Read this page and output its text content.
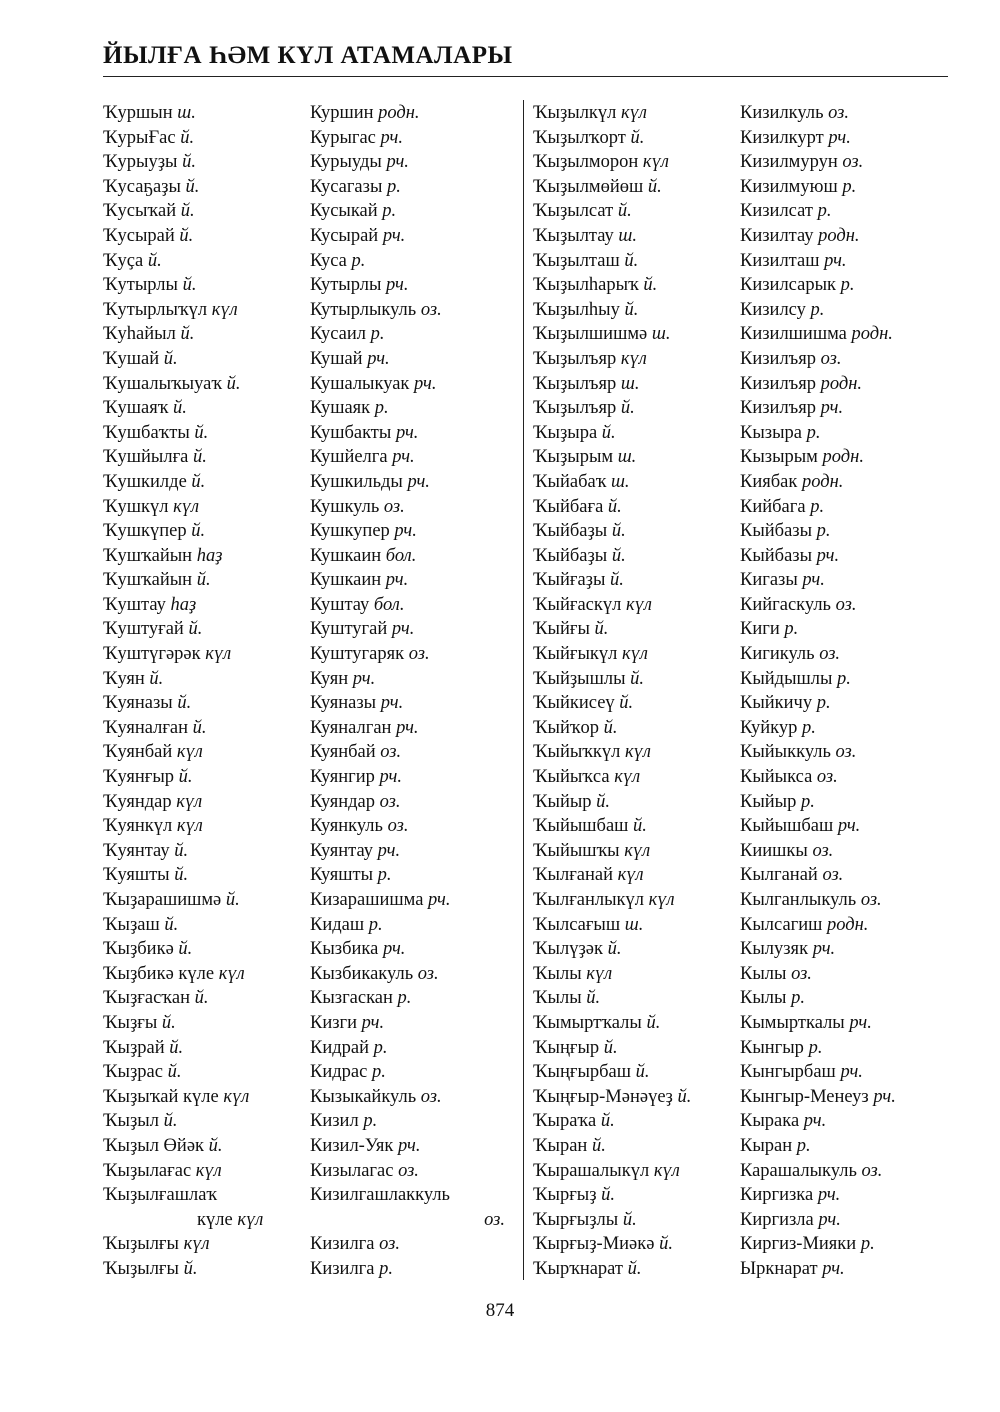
ЙЫЛҒА ҺӘМ КҮЛ АТАМАЛАРЫ
Ҡуршын ш.
ҠурыҒас й.
Ҡурыуҙы й.
Ҡусаҕаҙы й.
Ҡусыҡай й.
Ҡусырай й.
Ҡуҫа й.
Ҡутырлы й.
Ҡутырлыҡүл күл
Ҡуһайыл й.
Ҡушай й.
Ҡушалыҡыуаҡ й.
Ҡушаяҡ й.
Ҡушбаҡты й.
Ҡушйылға й.
Ҡушкилде й.
Ҡушкүл күл
Ҡушкүпер й.
Ҡушҡайын һаҙ
Ҡушҡайын й.
Ҡуштау һаҙ
Ҡуштуғай й.
Ҡуштүгәрәк күл
Ҡуян й.
Ҡуяназы й.
Ҡуяналған й.
Ҡуянбай күл
Ҡуянғыр й.
Ҡуяндар күл
Ҡуянкүл күл
Ҡуянтау й.
Ҡуяшты й.
Ҡыҙарашишмә й.
Ҡыҙаш й.
Ҡыҙбикә й.
Ҡыҙбикә күле күл
Ҡыҙғасҡан й.
Ҡыҙғы й.
Ҡыҙрай й.
Ҡыҙрас й.
Ҡыҙыҡай күле күл
Ҡыҙыл й.
Ҡыҙыл Өйәк й.
Ҡыҙылағас күл
Ҡыҙылғашлаҡ
күле күл
Ҡыҙылғы күл
Ҡыҙылғы й.
Куршин родн.
Курыгас рч.
Курыуды рч.
Кусагазы р.
Кусыкай р.
Кусырай рч.
Куса р.
Кутырлы рч.
Кутырлыкуль оз.
Кусаил р.
Кушай рч.
Кушалыкуак рч.
Кушаяк р.
Кушбакты рч.
Кушйелга рч.
Кушкильды рч.
Кушкуль оз.
Кушкупер рч.
Кушкаин бол.
Кушкаин рч.
Куштау бол.
Куштугай рч.
Куштугаряк оз.
Куян рч.
Куяназы рч.
Куяналган рч.
Куянбай оз.
Куянгир рч.
Куяндар оз.
Куянкуль оз.
Куянтау рч.
Куяшты р.
Кизарашишма рч.
Кидаш р.
Кызбика рч.
Кызбикакуль оз.
Кызгаскан р.
Кизги рч.
Кидрай р.
Кидрас р.
Кызыкайкуль оз.
Кизил р.
Кизил-Уяк рч.
Кизылагас оз.
Кизилгашлаккуль
оз.
Кизилга оз.
Кизилга р.
Ҡыҙылкүл күл
Ҡыҙылҡорт й.
Ҡыҙылморон күл
Ҡыҙылмөйөш й.
Ҡыҙылсат й.
Ҡыҙылтау ш.
Ҡыҙылташ й.
Ҡыҙылһарыҡ й.
Ҡыҙылһыу й.
Ҡыҙылшишмә ш.
Ҡыҙылъяр күл
Ҡыҙылъяр ш.
Ҡыҙылъяр й.
Ҡыҙыра й.
Ҡыҙырым ш.
Ҡыйабаҡ ш.
Ҡыйбаға й.
Ҡыйбаҙы й.
Ҡыйбаҙы й.
Ҡыйғаҙы й.
Ҡыйғаскүл күл
Ҡыйғы й.
Ҡыйғыкүл күл
Ҡыйҙышлы й.
Ҡыйкисеү й.
Ҡыйҡор й.
Ҡыйыҡкүл күл
Ҡыйыҡса күл
Ҡыйыр й.
Ҡыйышбаш й.
Ҡыйышҡы күл
Ҡылғанай күл
Ҡылғанлыкүл күл
Ҡылсағыш ш.
Ҡылүҙәк й.
Ҡылы күл
Ҡылы й.
Ҡымыртҡалы й.
Ҡыңғыр й.
Ҡыңғырбаш й.
Ҡыңғыр-Мәнәүеҙ й.
Ҡыраҡа й.
Ҡыран й.
Ҡырашалыкүл күл
Ҡырғыҙ й.
Ҡырғыҙлы й.
Ҡырғыҙ-Миәкә й.
Ҡырҡнарат й.
Кизилкуль оз.
Кизилкурт рч.
Кизилмурун оз.
Кизилмуюш р.
Кизилсат р.
Кизилтау родн.
Кизилташ рч.
Кизилсарык р.
Кизилсу р.
Кизилшишма родн.
Кизилъяр оз.
Кизилъяр родн.
Кизилъяр рч.
Кызыра р.
Кызырым родн.
Киябак родн.
Кийбага р.
Кыйбазы р.
Кыйбазы рч.
Кигазы рч.
Кийгаскуль оз.
Киги р.
Кигикуль оз.
Кыйдышлы р.
Кыйкичу р.
Куйкур р.
Кыйыккуль оз.
Кыйыкса оз.
Кыйыр р.
Кыйышбаш рч.
Киишкы оз.
Кылганай оз.
Кылганлыкуль оз.
Кылсагиш родн.
Кылузяк рч.
Кылы оз.
Кылы р.
Кымырткалы рч.
Кынгыр р.
Кынгырбаш рч.
Кынгыр-Менеуз рч.
Кырака рч.
Кыран р.
Карашалыкуль оз.
Киргизка рч.
Киргизла рч.
Киргиз-Мияки р.
Ыркнарат рч.
874
